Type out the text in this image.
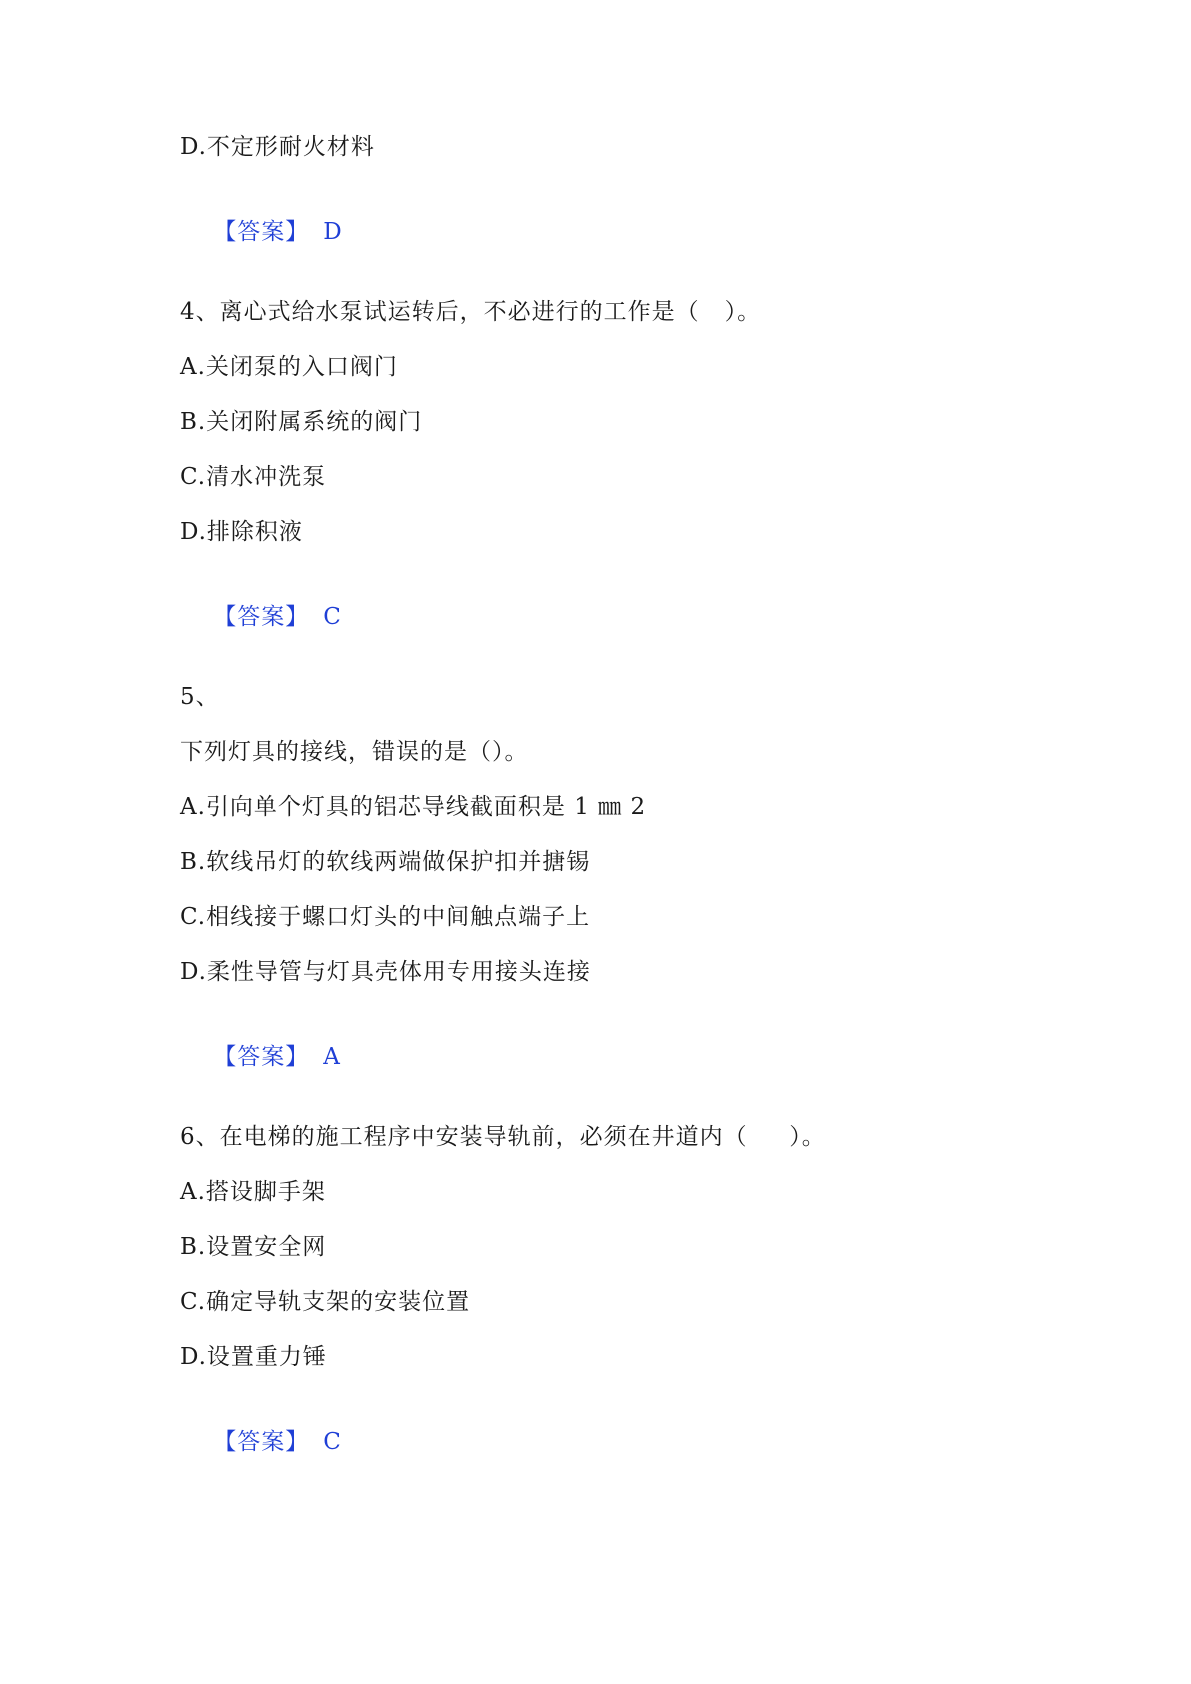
D.不定形耐火材料

【答案】 D

4、离心式给水泵试运转后，不必进行的工作是（   ）。
A.关闭泵的入口阀门
B.关闭附属系统的阀门
C.清水冲洗泵
D.排除积液

【答案】 C

5、
下列灯具的接线，错误的是（）。
A.引向单个灯具的铝芯导线截面积是 1 ㎜ 2
B.软线吊灯的软线两端做保护扣并搪锡
C.相线接于螺口灯头的中间触点端子上
D.柔性导管与灯具壳体用专用接头连接

【答案】 A

6、在电梯的施工程序中安装导轨前，必须在井道内（     ）。
A.搭设脚手架
B.设置安全网
C.确定导轨支架的安装位置
D.设置重力锤

【答案】 C
